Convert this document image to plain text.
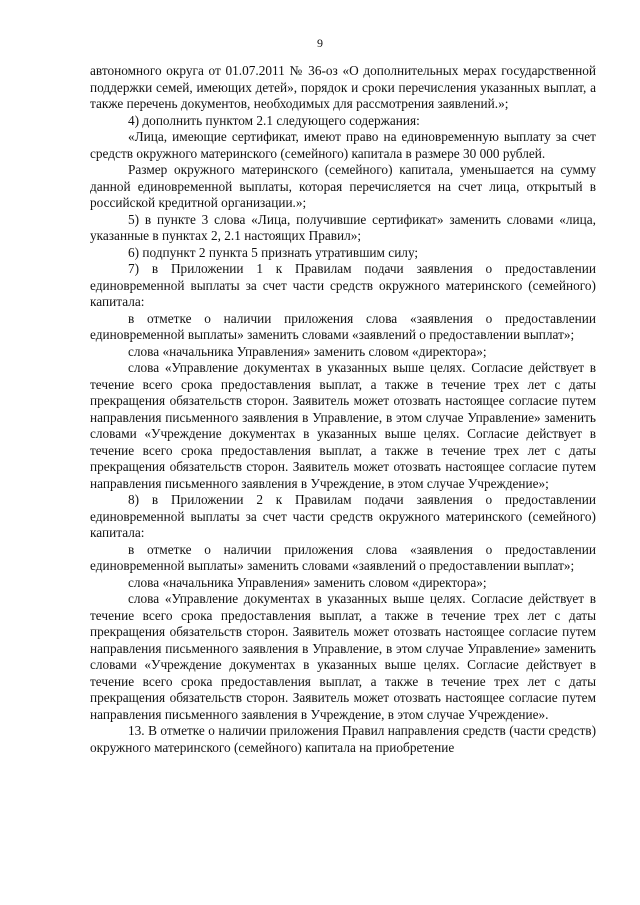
9

автономного округа от 01.07.2011 № 36-оз «О дополнительных мерах государственной поддержки семей, имеющих детей», порядок и сроки перечисления указанных выплат, а также перечень документов, необходимых для рассмотрения заявлений.»;

4) дополнить пунктом 2.1 следующего содержания:

«Лица, имеющие сертификат, имеют право на единовременную выплату за счет средств окружного материнского (семейного) капитала в размере 30 000 рублей.

Размер окружного материнского (семейного) капитала, уменьшается на сумму данной единовременной выплаты, которая перечисляется на счет лица, открытый в российской кредитной организации.»;

5) в пункте 3 слова «Лица, получившие сертификат» заменить словами «лица, указанные в пунктах 2, 2.1 настоящих Правил»;

6) подпункт 2 пункта 5 признать утратившим силу;

7) в Приложении 1 к Правилам подачи заявления о предоставлении единовременной выплаты за счет части средств окружного материнского (семейного) капитала:

в отметке о наличии приложения слова «заявления о предоставлении единовременной выплаты» заменить словами «заявлений о предоставлении выплат»;

слова «начальника Управления» заменить словом «директора»;

слова «Управление документах в указанных выше целях. Согласие действует в течение всего срока предоставления выплат, а также в течение трех лет с даты прекращения обязательств сторон. Заявитель может отозвать настоящее согласие путем направления письменного заявления в Управление, в этом случае Управление» заменить словами «Учреждение документах в указанных выше целях. Согласие действует в течение всего срока предоставления выплат, а также в течение трех лет с даты прекращения обязательств сторон. Заявитель может отозвать настоящее согласие путем направления письменного заявления в Учреждение, в этом случае Учреждение»;

8) в Приложении 2 к Правилам подачи заявления о предоставлении единовременной выплаты за счет части средств окружного материнского (семейного) капитала:

в отметке о наличии приложения слова «заявления о предоставлении единовременной выплаты» заменить словами «заявлений о предоставлении выплат»;

слова «начальника Управления» заменить словом «директора»;

слова «Управление документах в указанных выше целях. Согласие действует в течение всего срока предоставления выплат, а также в течение трех лет с даты прекращения обязательств сторон. Заявитель может отозвать настоящее согласие путем направления письменного заявления в Управление, в этом случае Управление» заменить словами «Учреждение документах в указанных выше целях. Согласие действует в течение всего срока предоставления выплат, а также в течение трех лет с даты прекращения обязательств сторон. Заявитель может отозвать настоящее согласие путем направления письменного заявления в Учреждение, в этом случае Учреждение».

13. В отметке о наличии приложения Правил направления средств (части средств) окружного материнского (семейного) капитала на приобретение
